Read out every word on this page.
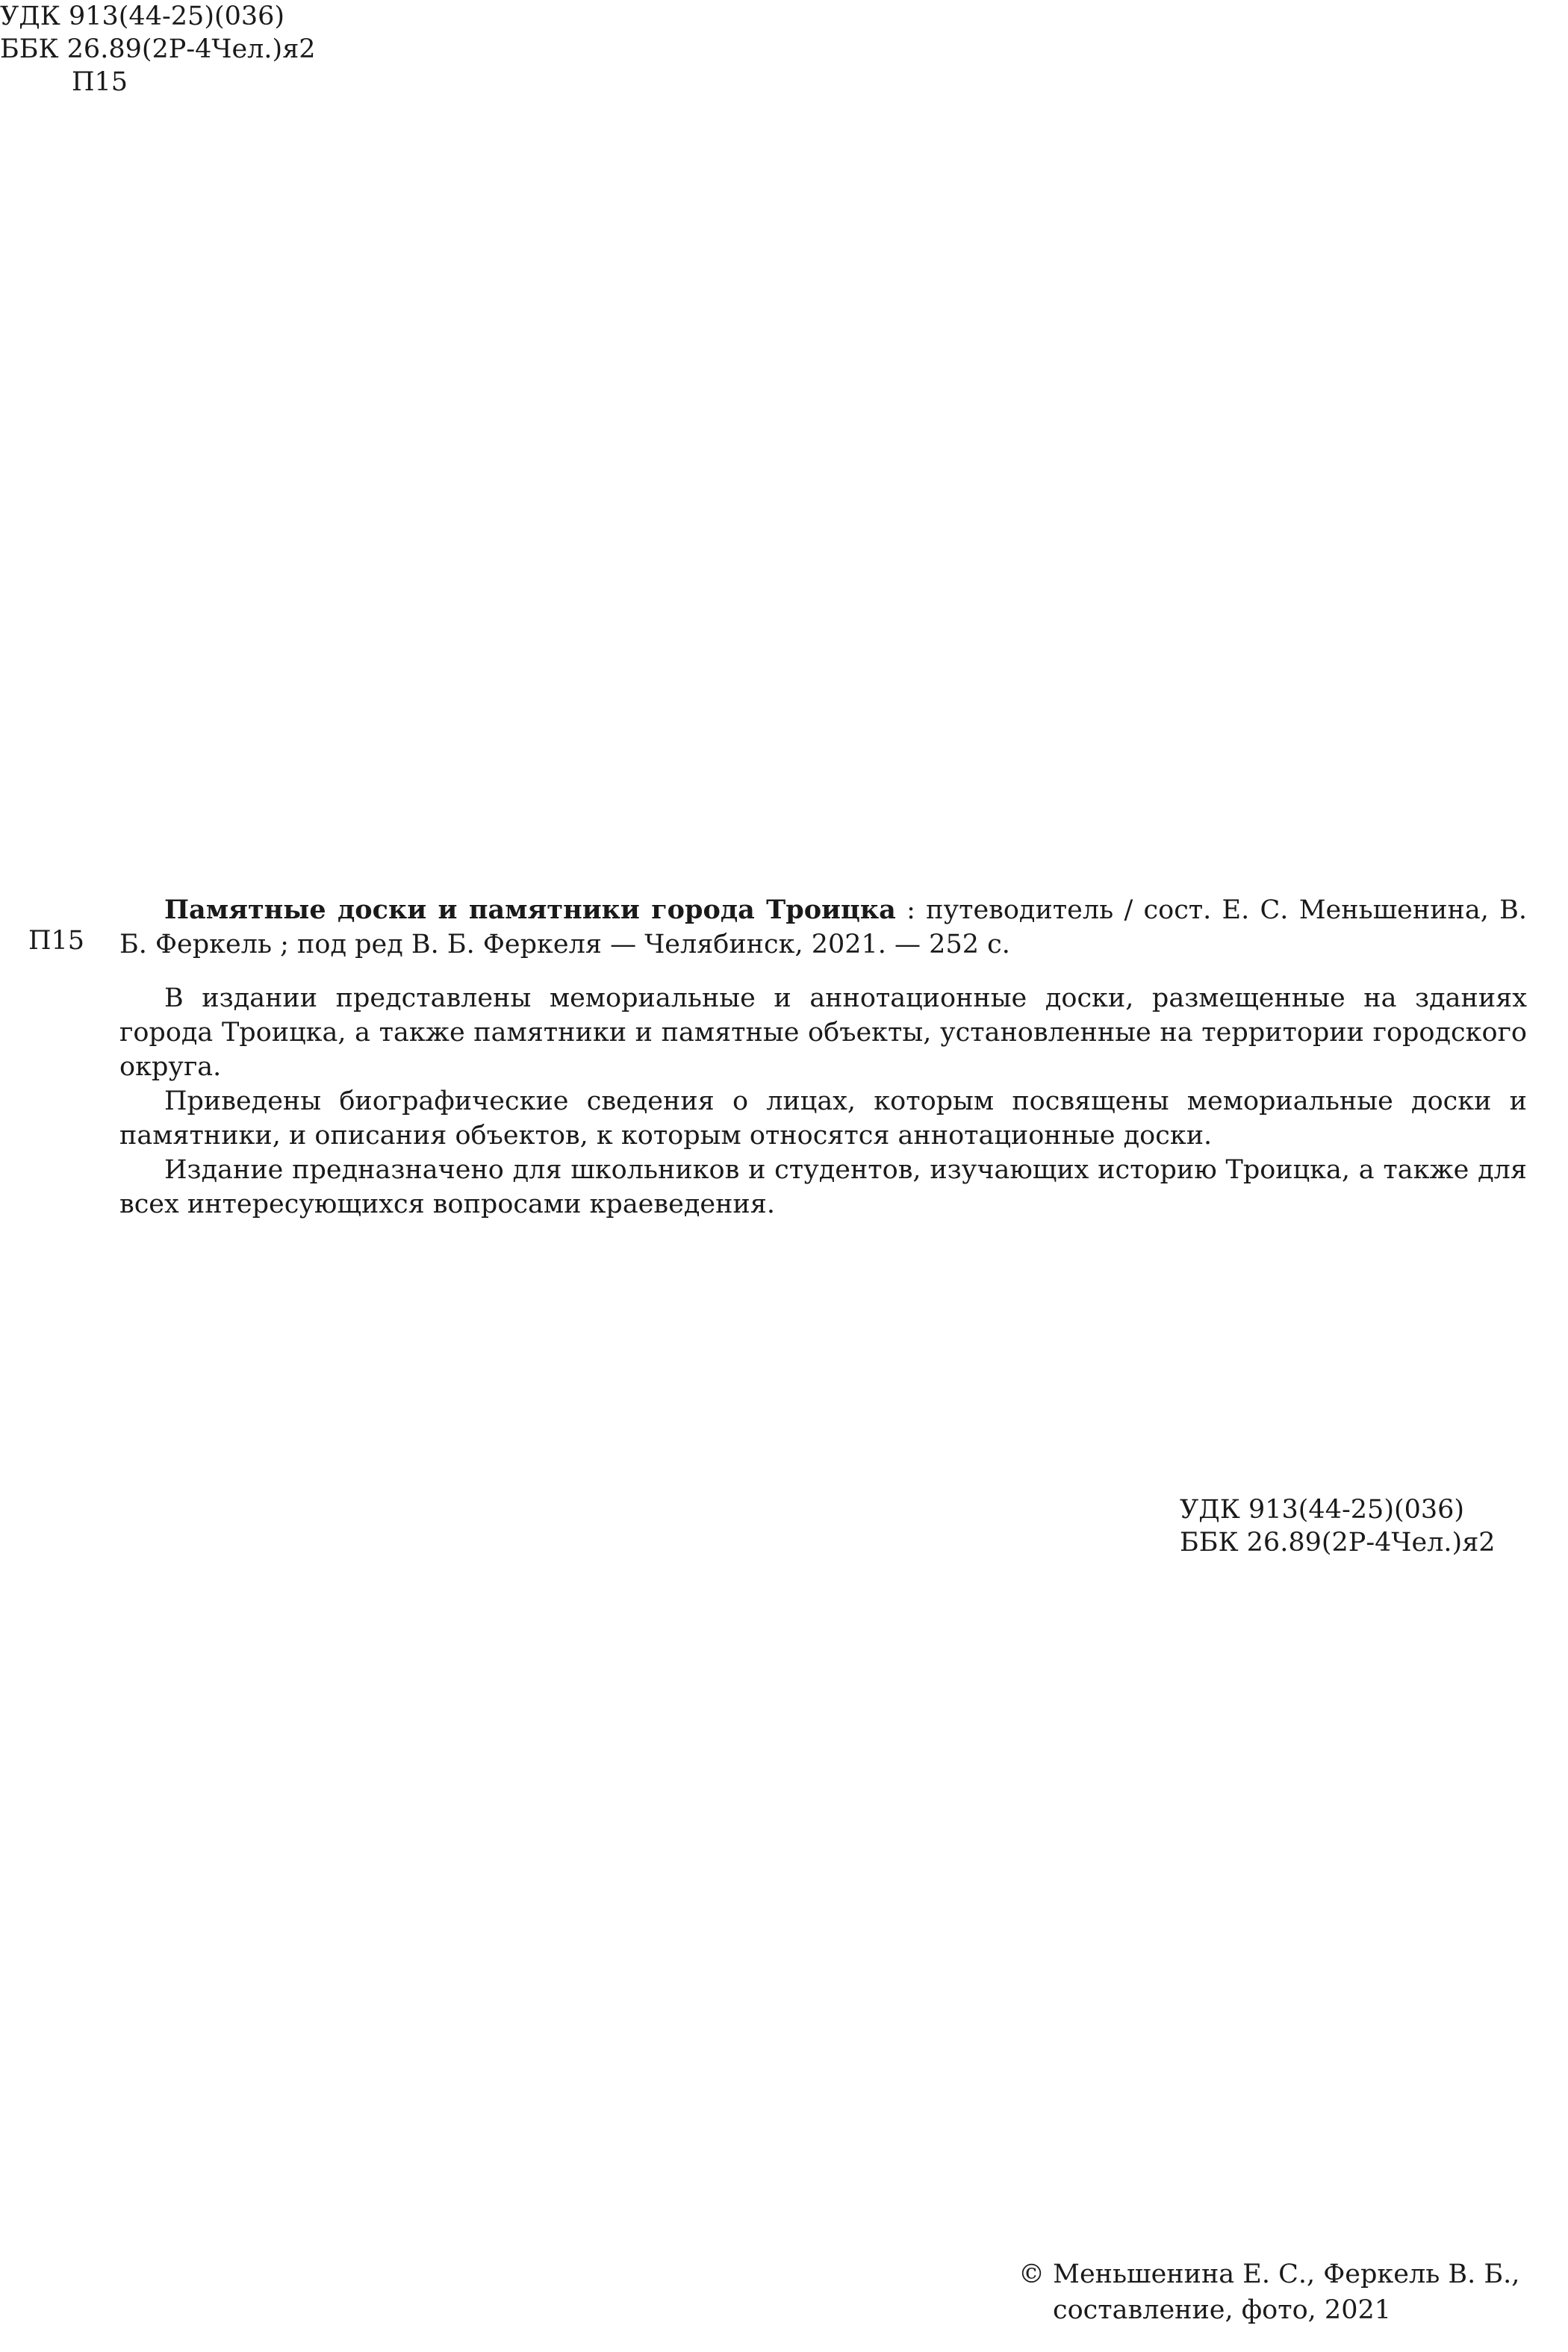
УДК 913(44-25)(036)
ББК 26.89(2Р-4Чел.)я2
П15
П15

Памятные доски и памятники города Троицка : путеводитель / сост. Е. С. Меньшенина, В. Б. Феркель ; под ред В. Б. Феркеля — Челябинск, 2021. — 252 с.

В издании представлены мемориальные и аннотационные доски, размещенные на зданиях города Троицка, а также памятники и памятные объекты, установленные на территории городского округа.

Приведены биографические сведения о лицах, которым посвящены мемориальные доски и памятники, и описания объектов, к которым относятся аннотационные доски.

Издание предназначено для школьников и студентов, изучающих историю Троицка, а также для всех интересующихся вопросами краеведения.

УДК 913(44-25)(036)
ББК 26.89(2Р-4Чел.)я2
© Меньшенина Е. С., Феркель В. Б.,
составление, фото, 2021
